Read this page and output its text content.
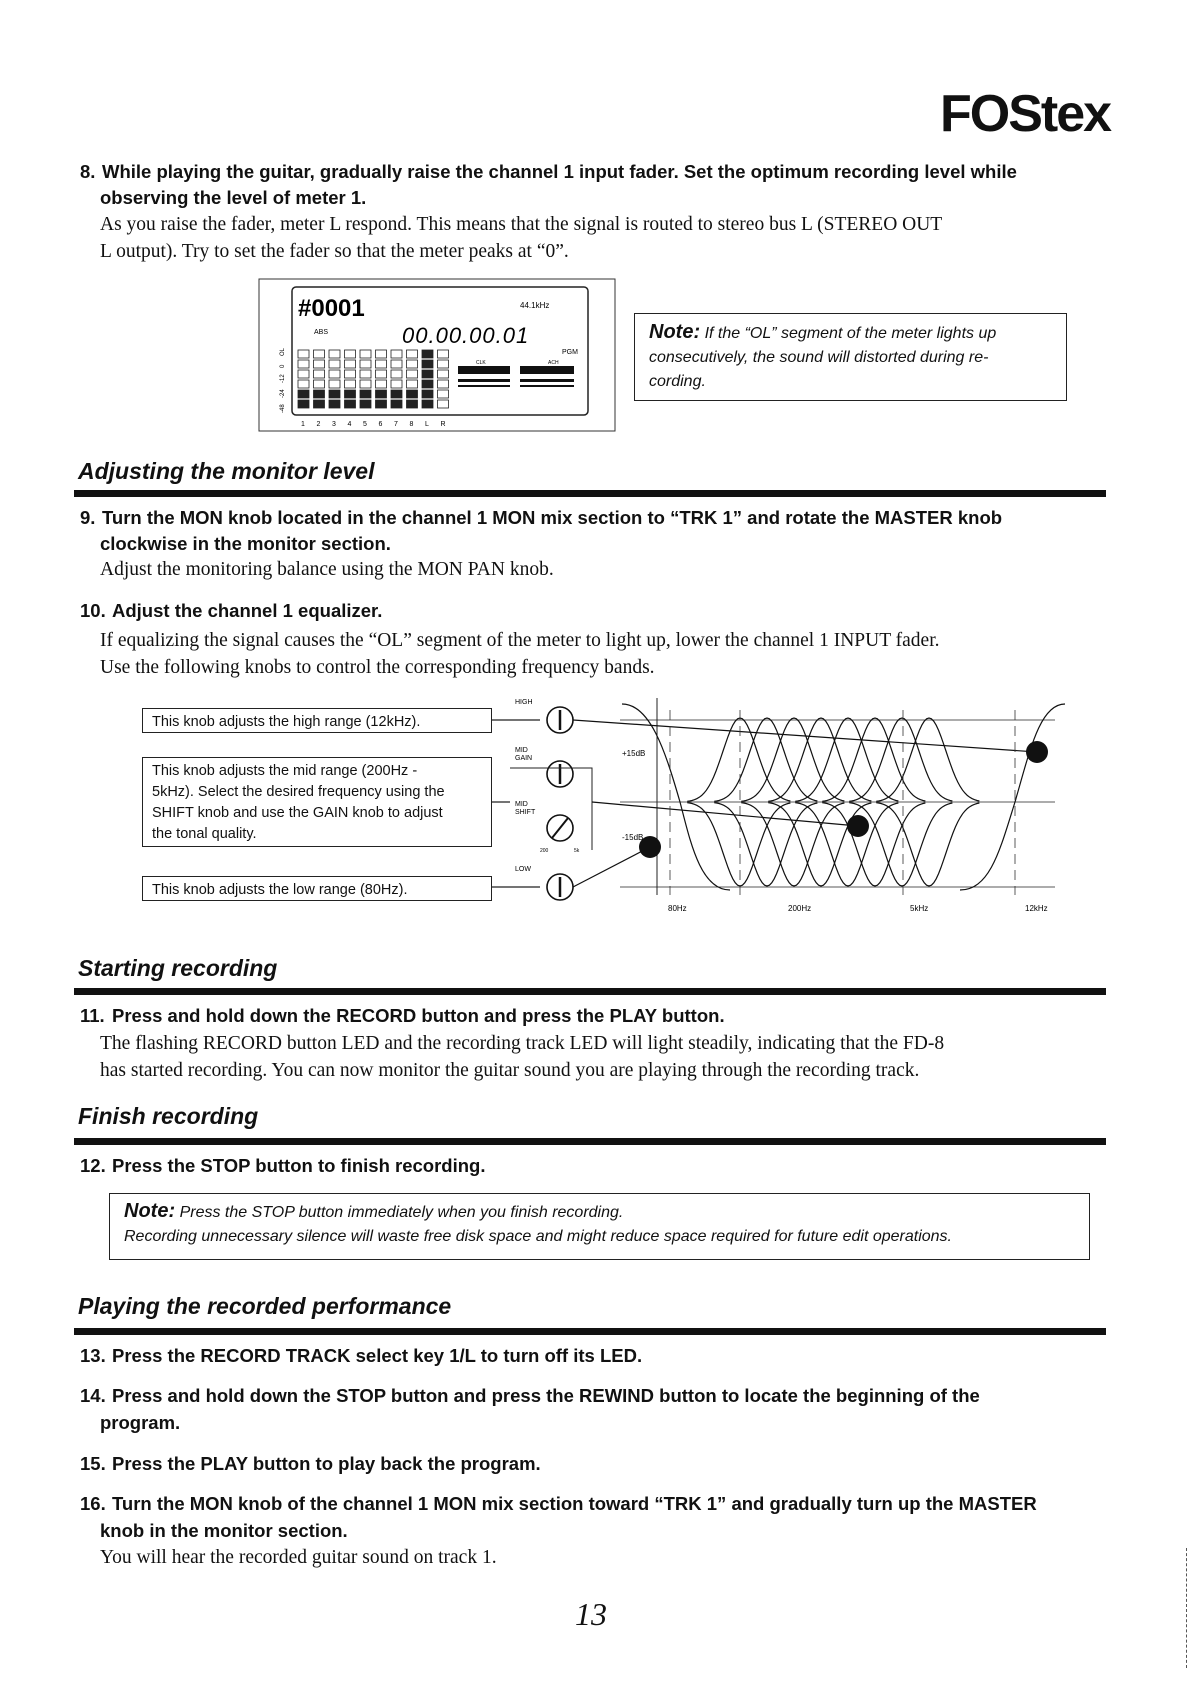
FOStex
8. While playing the guitar, gradually raise the channel 1 input fader. Set the optimum recording level while
observing the level of meter 1.
As you raise the fader, meter L respond. This means that the signal is routed to stereo bus L (STEREO OUT
L output). Try to set the fader so that the meter peaks at “0”.
#0001	44.1kHz
ABS	00.00.00.01
PGM
OL
0
-12
-24
-48
CLK	ACH
1 2 3 4 5 6 7 8 L R
Note: If the “OL” segment of the meter lights up
consecutively, the sound will distorted during re-
cording.
Adjusting the monitor level
9. Turn the MON knob located in the channel 1 MON mix section to “TRK 1” and rotate the MASTER knob
clockwise in the monitor section.
Adjust the monitoring balance using the MON PAN knob.
10. Adjust the channel 1 equalizer.
If equalizing the signal causes the “OL” segment of the meter to light up, lower the channel 1 INPUT fader.
Use the following knobs to control the corresponding frequency bands.
This knob adjusts the high range (12kHz).
This knob adjusts the mid range (200Hz -
5kHz). Select the desired frequency using the
SHIFT knob and use the GAIN knob to adjust
the tonal quality.
This knob adjusts the low range (80Hz).
HIGH
MID
GAIN
MID
SHIFT
200	5k
LOW
+15dB
-15dB
80Hz	200Hz	5kHz	12kHz
Starting recording
11. Press and hold down the RECORD button and press the PLAY button.
The flashing RECORD button LED and the recording track LED will light steadily, indicating that the FD-8
has started recording. You can now monitor the guitar sound you are playing through the recording track.
Finish recording
12. Press the STOP button to finish recording.
Note: Press the STOP button immediately when you finish recording.
Recording unnecessary silence will waste free disk space and might reduce space required for future edit operations.
Playing the recorded performance
13. Press the RECORD TRACK select key 1/L to turn off its LED.
14. Press and hold down the STOP button and press the REWIND button to locate the beginning of the
program.
15. Press the PLAY button to play back the program.
16. Turn the MON knob of the channel 1 MON mix section toward “TRK 1” and gradually turn up the MASTER
knob in the monitor section.
You will hear the recorded guitar sound on track 1.
13
